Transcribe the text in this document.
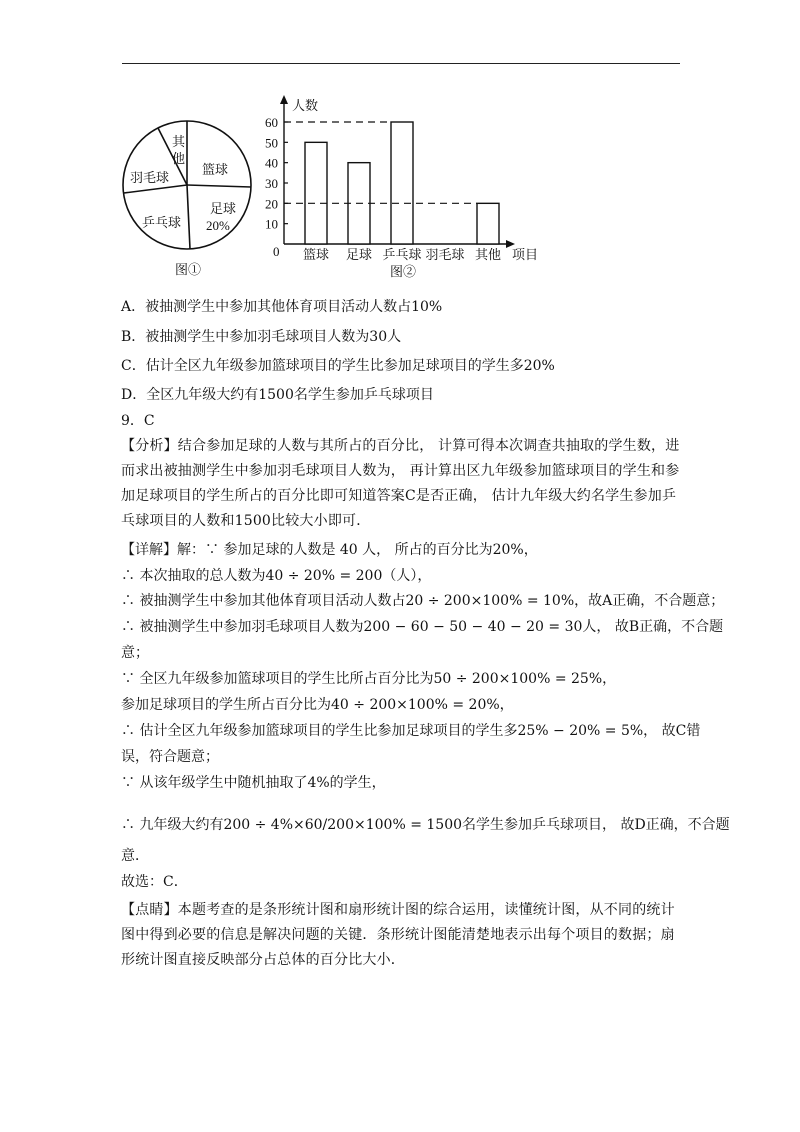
其
他
羽毛球
篮球
乒乓球
足球
20%
图①
人数
项目
0
图②
10
20
30
40
50
60
篮球 足球 乒乓球 羽毛球 其他
A．被抽测学生中参加其他体育项目活动人数占10%
B．被抽测学生中参加羽毛球项目人数为30人
C．估计全区九年级参加篮球项目的学生比参加足球项目的学生多20%
D．全区九年级大约有1500名学生参加乒乓球项目
9．C
【分析】结合参加足球的人数与其所占的百分比， 计算可得本次调查共抽取的学生数，进而求出被抽测学生中参加羽毛球项目人数为， 再计算出区九年级参加篮球项目的学生和参加足球项目的学生所占的百分比即可知道答案C是否正确， 估计九年级大约名学生参加乒乓球项目的人数和1500比较大小即可．
【详解】解：∵ 参加足球的人数是 40 人， 所占的百分比为20%，
∴ 本次抽取的总人数为40 ÷ 20% = 200（人），
∴ 被抽测学生中参加其他体育项目活动人数占20 ÷ 200×100% = 10%，故A正确，不合题意；
∴ 被抽测学生中参加羽毛球项目人数为200 − 60 − 50 − 40 − 20 = 30人， 故B正确，不合题
意；
∵ 全区九年级参加篮球项目的学生比所占百分比为50 ÷ 200×100% = 25%，
参加足球项目的学生所占百分比为40 ÷ 200×100% = 20%，
∴ 估计全区九年级参加篮球项目的学生比参加足球项目的学生多25% − 20% = 5%， 故C错
误，符合题意；
∵ 从该年级学生中随机抽取了4%的学生，
∴ 九年级大约有200 ÷ 4%×60/200×100% = 1500名学生参加乒乓球项目， 故D正确，不合题
意．
故选：C．
【点睛】本题考查的是条形统计图和扇形统计图的综合运用，读懂统计图，从不同的统计图中得到必要的信息是解决问题的关键．条形统计图能清楚地表示出每个项目的数据；扇形统计图直接反映部分占总体的百分比大小．
